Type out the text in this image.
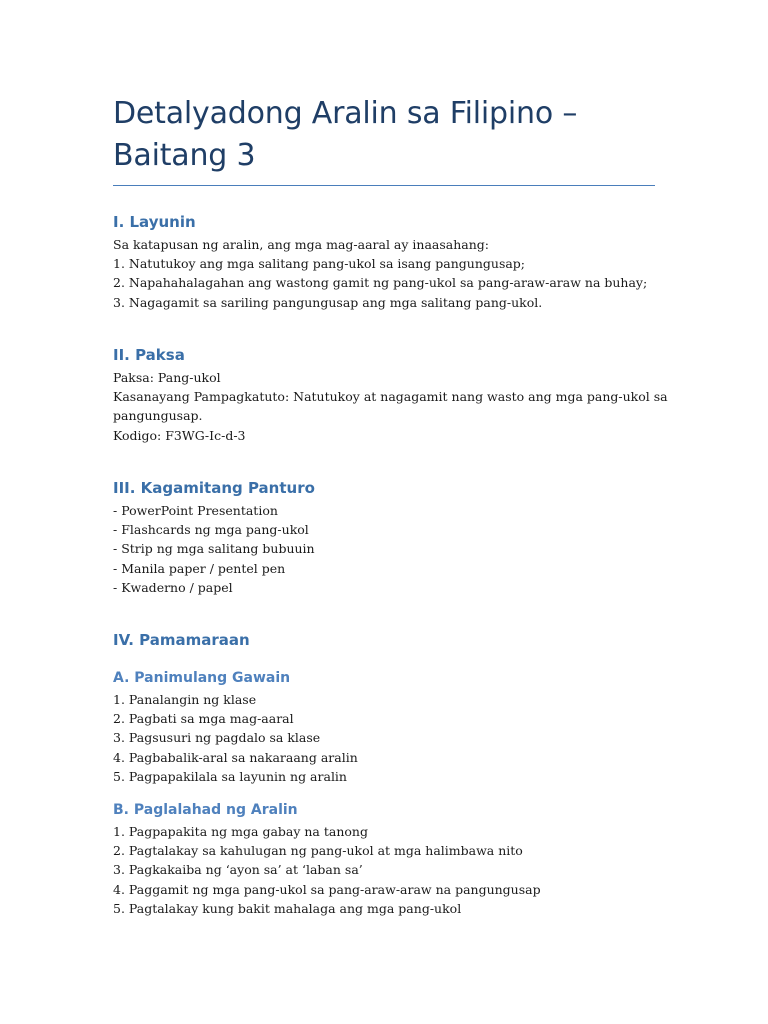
Detalyadong Aralin sa Filipino – Baitang 3
I. Layunin

Sa katapusan ng aralin, ang mga mag-aaral ay inaasahang:

1. Natutukoy ang mga salitang pang-ukol sa isang pangungusap;

2. Napahahalagahan ang wastong gamit ng pang-ukol sa pang-araw-araw na buhay;

3. Nagagamit sa sariling pangungusap ang mga salitang pang-ukol.

II. Paksa

Paksa: Pang-ukol

Kasanayang Pampagkatuto: Natutukoy at nagagamit nang wasto ang mga pang-ukol sa

pangungusap.

Kodigo: F3WG-Ic-d-3

III. Kagamitang Panturo

- PowerPoint Presentation

- Flashcards ng mga pang-ukol

- Strip ng mga salitang bubuuin

- Manila paper / pentel pen

- Kwaderno / papel

IV. Pamamaraan
A. Panimulang Gawain

1. Panalangin ng klase

2. Pagbati sa mga mag-aaral

3. Pagsusuri ng pagdalo sa klase

4. Pagbabalik-aral sa nakaraang aralin

5. Pagpapakilala sa layunin ng aralin

B. Paglalahad ng Aralin

1. Pagpapakita ng mga gabay na tanong

2. Pagtalakay sa kahulugan ng pang-ukol at mga halimbawa nito

3. Pagkakaiba ng ‘ayon sa’ at ‘laban sa’

4. Paggamit ng mga pang-ukol sa pang-araw-araw na pangungusap

5. Pagtalakay kung bakit mahalaga ang mga pang-ukol
